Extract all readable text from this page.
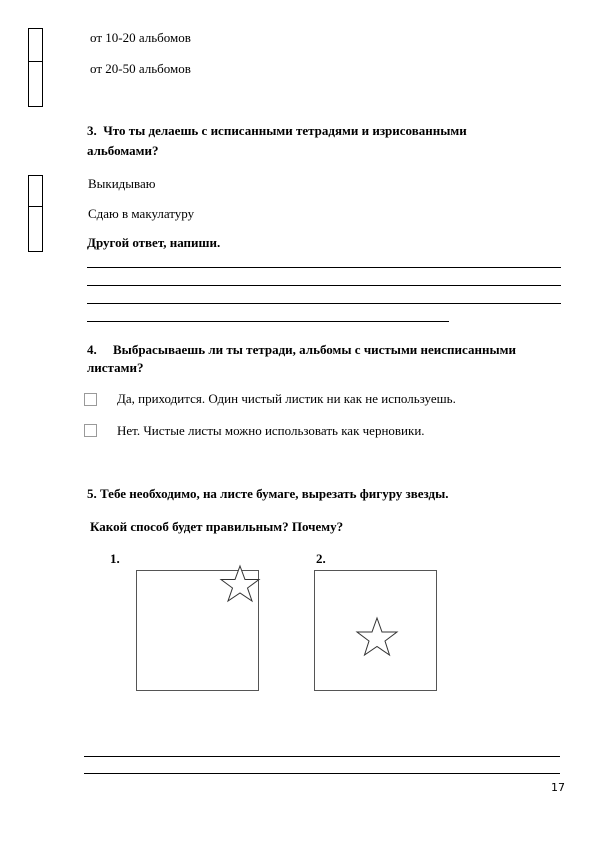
от 10-20 альбомов
от 20-50 альбомов
3. Что ты делаешь с исписанными тетрадями и изрисованными
альбомами?
Выкидываю
Сдаю в макулатуру
Другой ответ, напиши.
4. Выбрасываешь ли ты тетради, альбомы с чистыми неисписанными
листами?
Да, приходится. Один чистый листик ни как не используешь.
Нет. Чистые листы можно использовать как черновики.
5. Тебе необходимо, на листе бумаге, вырезать фигуру звезды.
Какой способ будет правильным? Почему?
1.	2.
17
